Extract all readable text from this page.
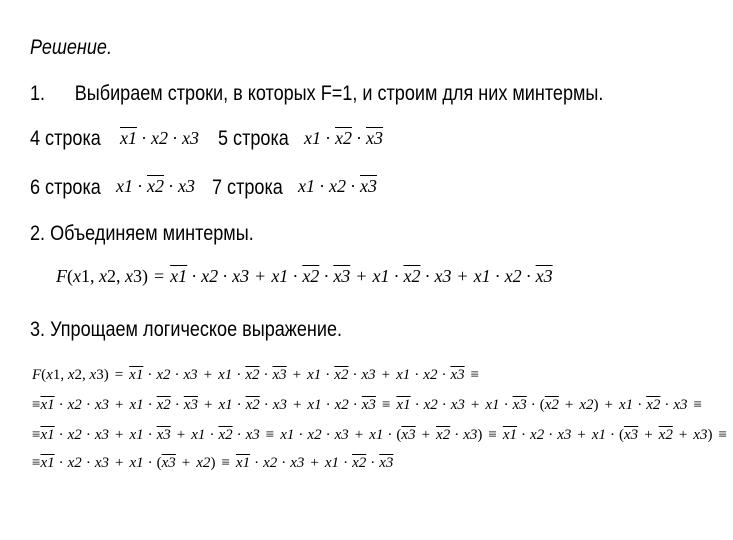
Решение.
1. Выбираем строки, в которых F=1, и строим для них минтермы.
4 строка x1 · x2 · x3 5 строка x1 · x2 · x3
6 строка x1 · x2 · x3 7 строка x1 · x2 · x3
2. Объединяем минтермы.
F(x1, x2, x3) = x1 · x2 · x3 + x1 · x2 · x3 + x1 · x2 · x3 + x1 · x2 · x3
3. Упрощаем логическое выражение.
F(x1, x2, x3) = x1 · x2 · x3 + x1 · x2 · x3 + x1 · x2 · x3 + x1 · x2 · x3 ≡
≡x1 · x2 · x3 + x1 · x2 · x3 + x1 · x2 · x3 + x1 · x2 · x3 ≡ x1 · x2 · x3 + x1 · x3 · (x2 + x2) + x1 · x2 · x3 ≡
≡x1 · x2 · x3 + x1 · x3 + x1 · x2 · x3 ≡ x1 · x2 · x3 + x1 · (x3 + x2 · x3) ≡ x1 · x2 · x3 + x1 · (x3 + x2 + x3) ≡
≡x1 · x2 · x3 + x1 · (x3 + x2) ≡ x1 · x2 · x3 + x1 · x2 · x3
